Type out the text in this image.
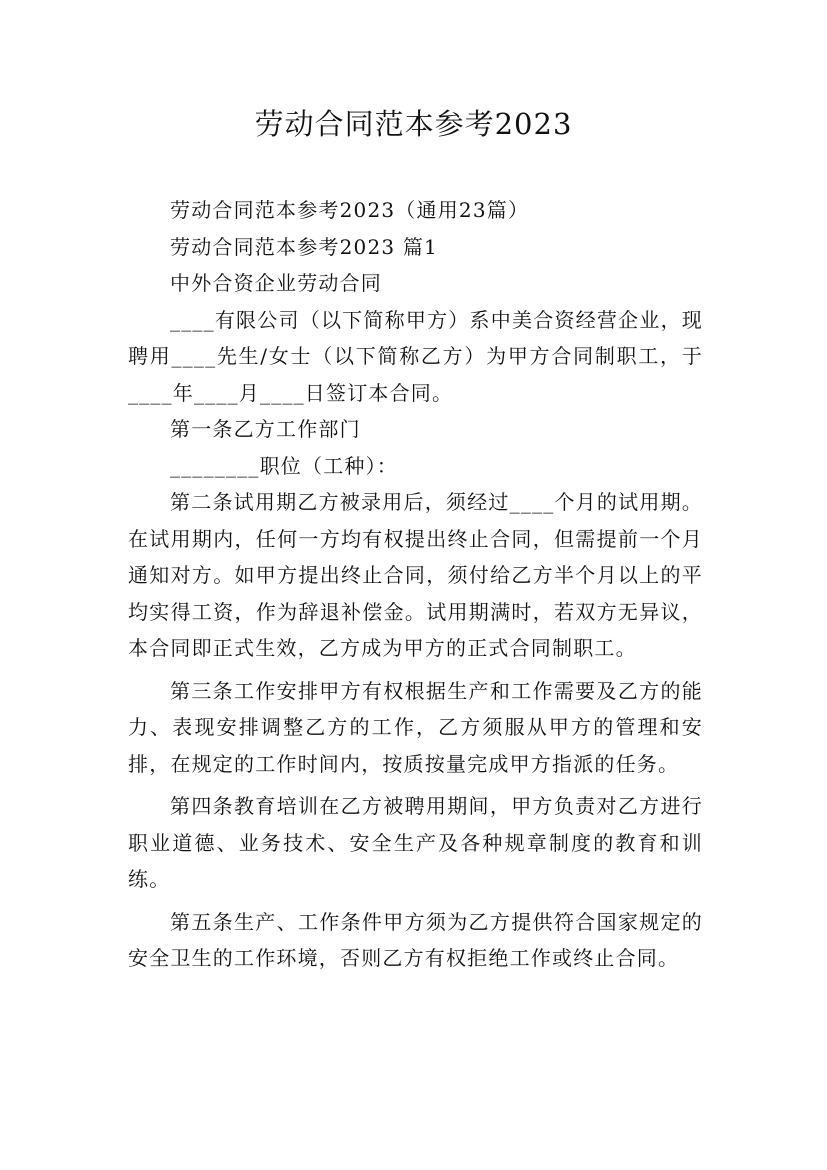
劳动合同范本参考2023

劳动合同范本参考2023（通用23篇）

劳动合同范本参考2023 篇1

中外合资企业劳动合同

____有限公司（以下简称甲方）系中美合资经营企业，现聘用____先生/女士（以下简称乙方）为甲方合同制职工，于____年____月____日签订本合同。

第一条乙方工作部门

________职位（工种）：

第二条试用期乙方被录用后，须经过____个月的试用期。在试用期内，任何一方均有权提出终止合同，但需提前一个月通知对方。如甲方提出终止合同，须付给乙方半个月以上的平均实得工资，作为辞退补偿金。试用期满时，若双方无异议，本合同即正式生效，乙方成为甲方的正式合同制职工。

第三条工作安排甲方有权根据生产和工作需要及乙方的能力、表现安排调整乙方的工作，乙方须服从甲方的管理和安排，在规定的工作时间内，按质按量完成甲方指派的任务。

第四条教育培训在乙方被聘用期间，甲方负责对乙方进行职业道德、业务技术、安全生产及各种规章制度的教育和训练。

第五条生产、工作条件甲方须为乙方提供符合国家规定的安全卫生的工作环境，否则乙方有权拒绝工作或终止合同。
